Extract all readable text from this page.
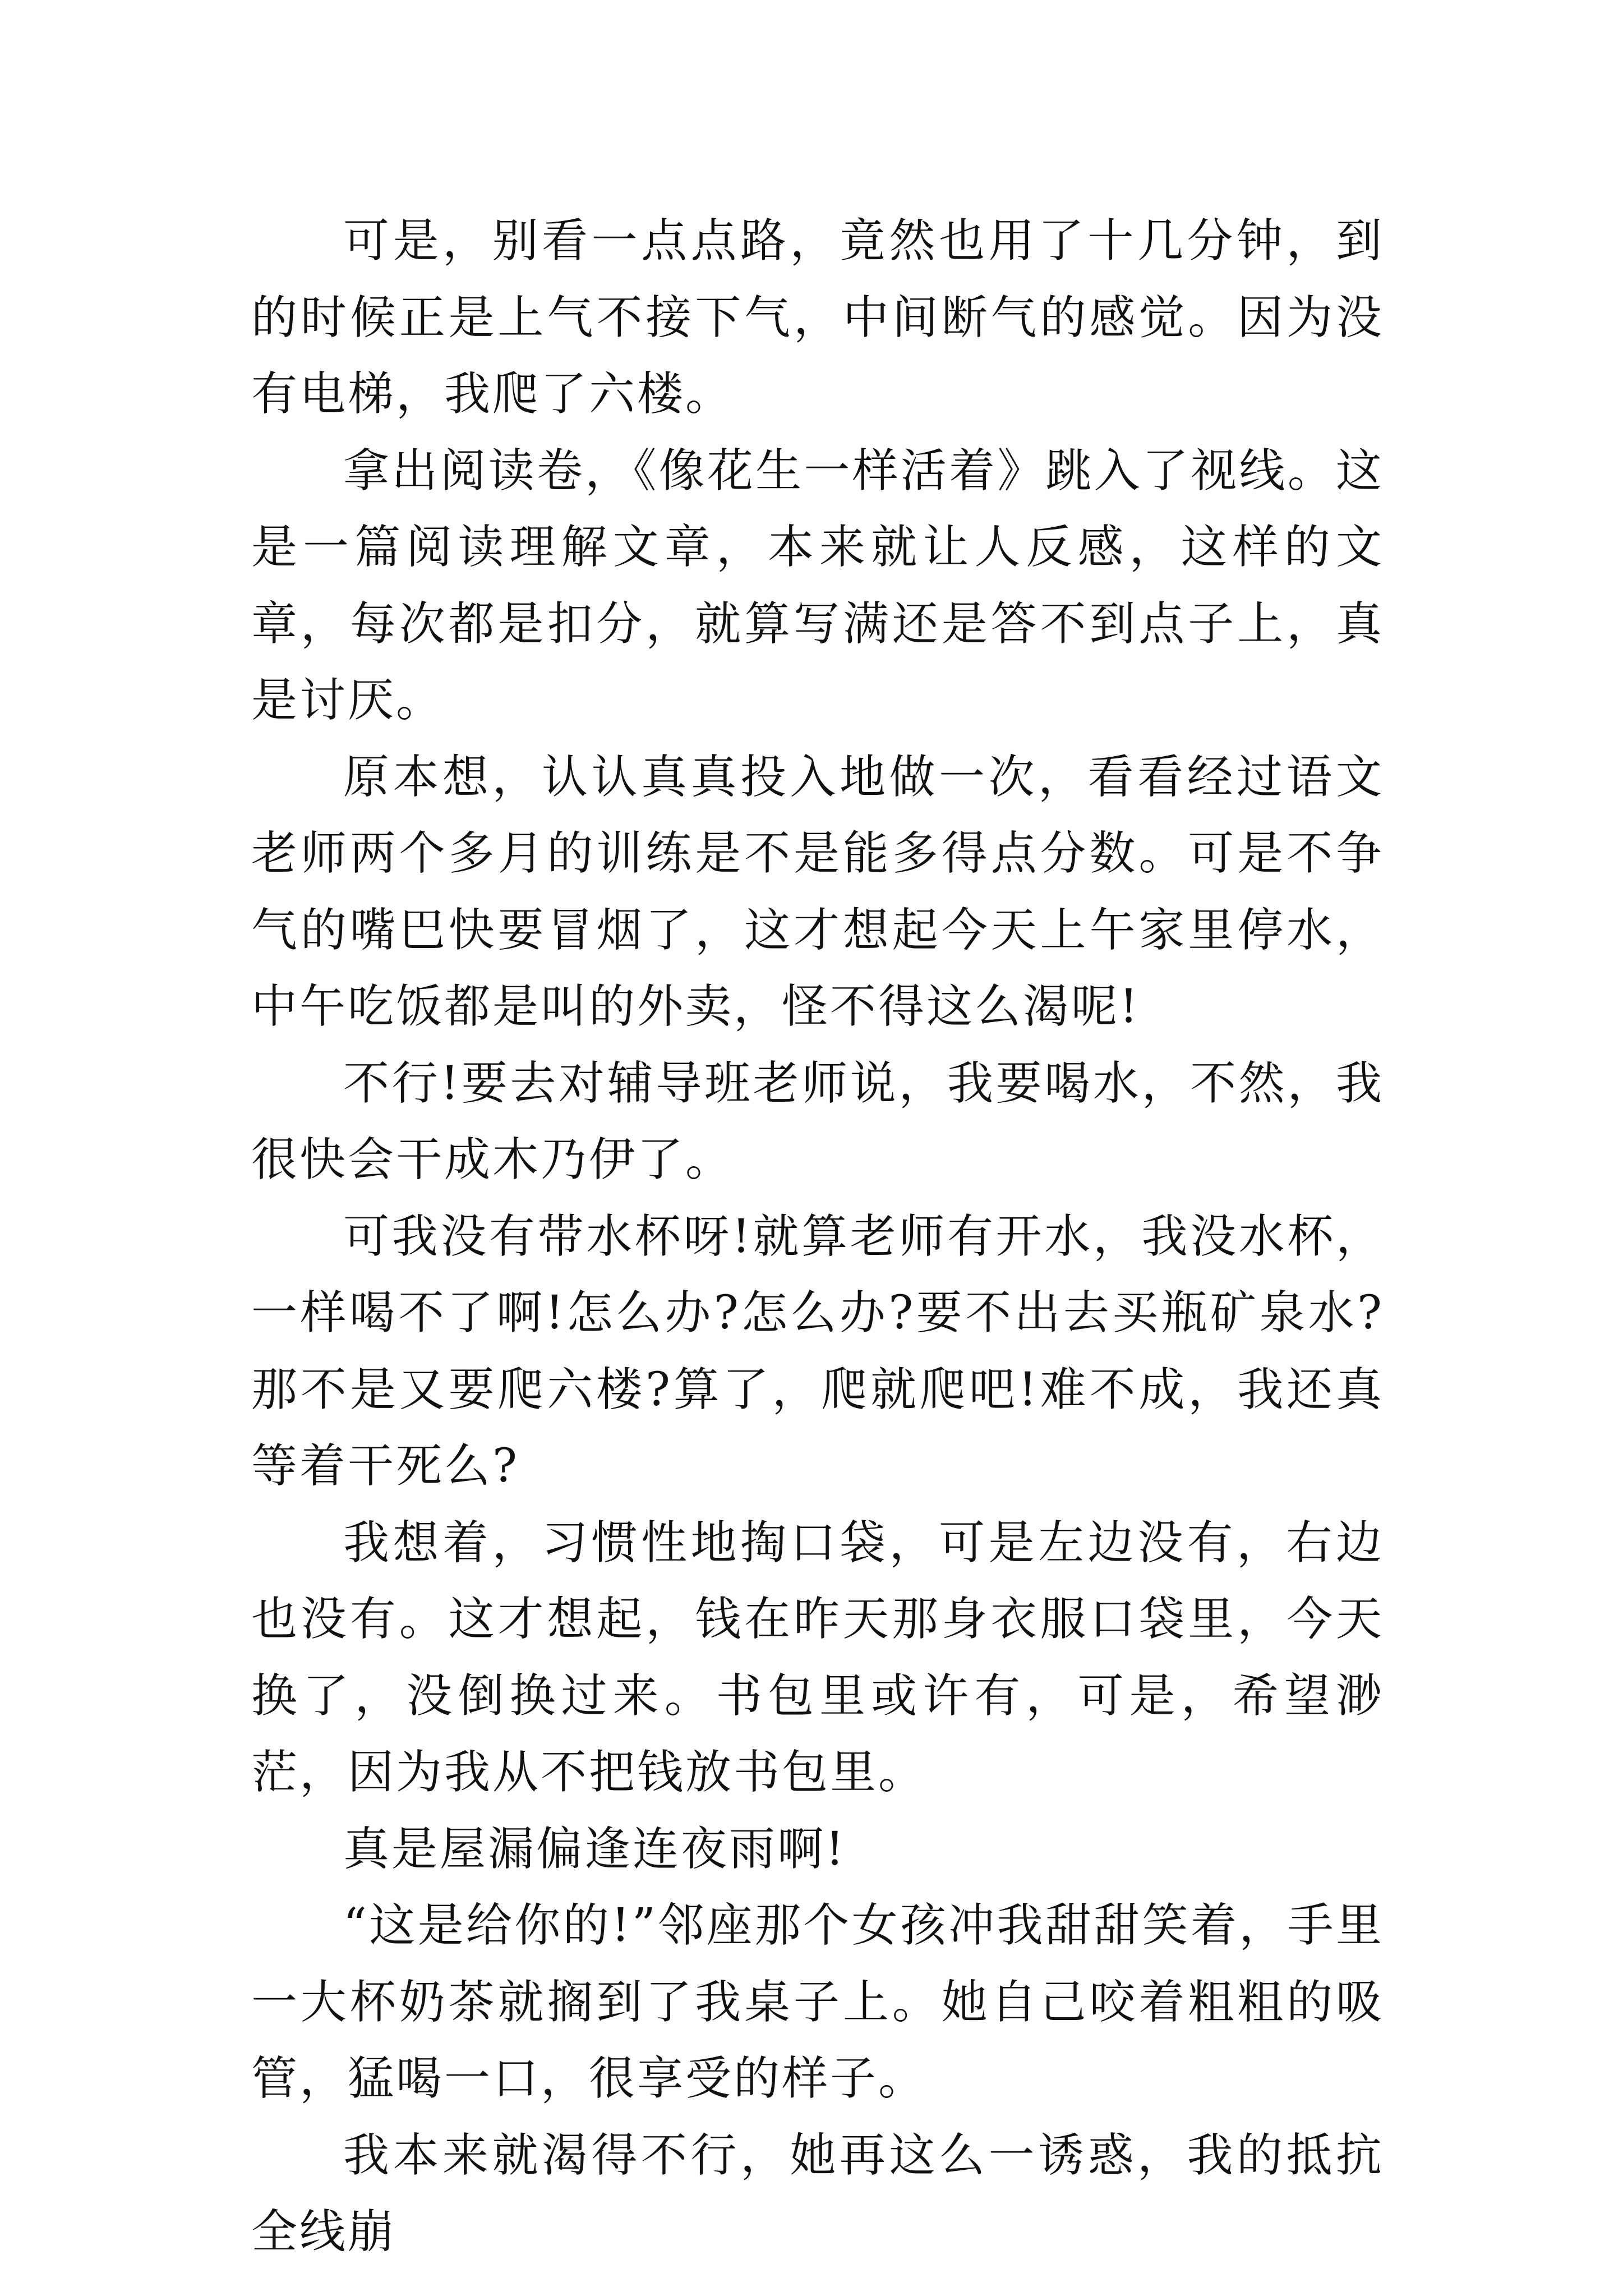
可是，别看一点点路，竟然也用了十几分钟，到的时候正是上气不接下气，中间断气的感觉。因为没有电梯，我爬了六楼。

拿出阅读卷，《像花生一样活着》跳入了视线。这是一篇阅读理解文章，本来就让人反感，这样的文章，每次都是扣分，就算写满还是答不到点子上，真是讨厌。

原本想，认认真真投入地做一次，看看经过语文老师两个多月的训练是不是能多得点分数。可是不争气的嘴巴快要冒烟了，这才想起今天上午家里停水，中午吃饭都是叫的外卖，怪不得这么渴呢!

不行!要去对辅导班老师说，我要喝水，不然，我很快会干成木乃伊了。

可我没有带水杯呀!就算老师有开水，我没水杯，一样喝不了啊!怎么办?怎么办?要不出去买瓶矿泉水?那不是又要爬六楼?算了，爬就爬吧!难不成，我还真等着干死么?

我想着，习惯性地掏口袋，可是左边没有，右边也没有。这才想起，钱在昨天那身衣服口袋里，今天换了，没倒换过来。书包里或许有，可是，希望渺茫，因为我从不把钱放书包里。

真是屋漏偏逢连夜雨啊!

“这是给你的!”邻座那个女孩冲我甜甜笑着，手里一大杯奶茶就搁到了我桌子上。她自己咬着粗粗的吸管，猛喝一口，很享受的样子。

我本来就渴得不行，她再这么一诱惑，我的抵抗全线崩
